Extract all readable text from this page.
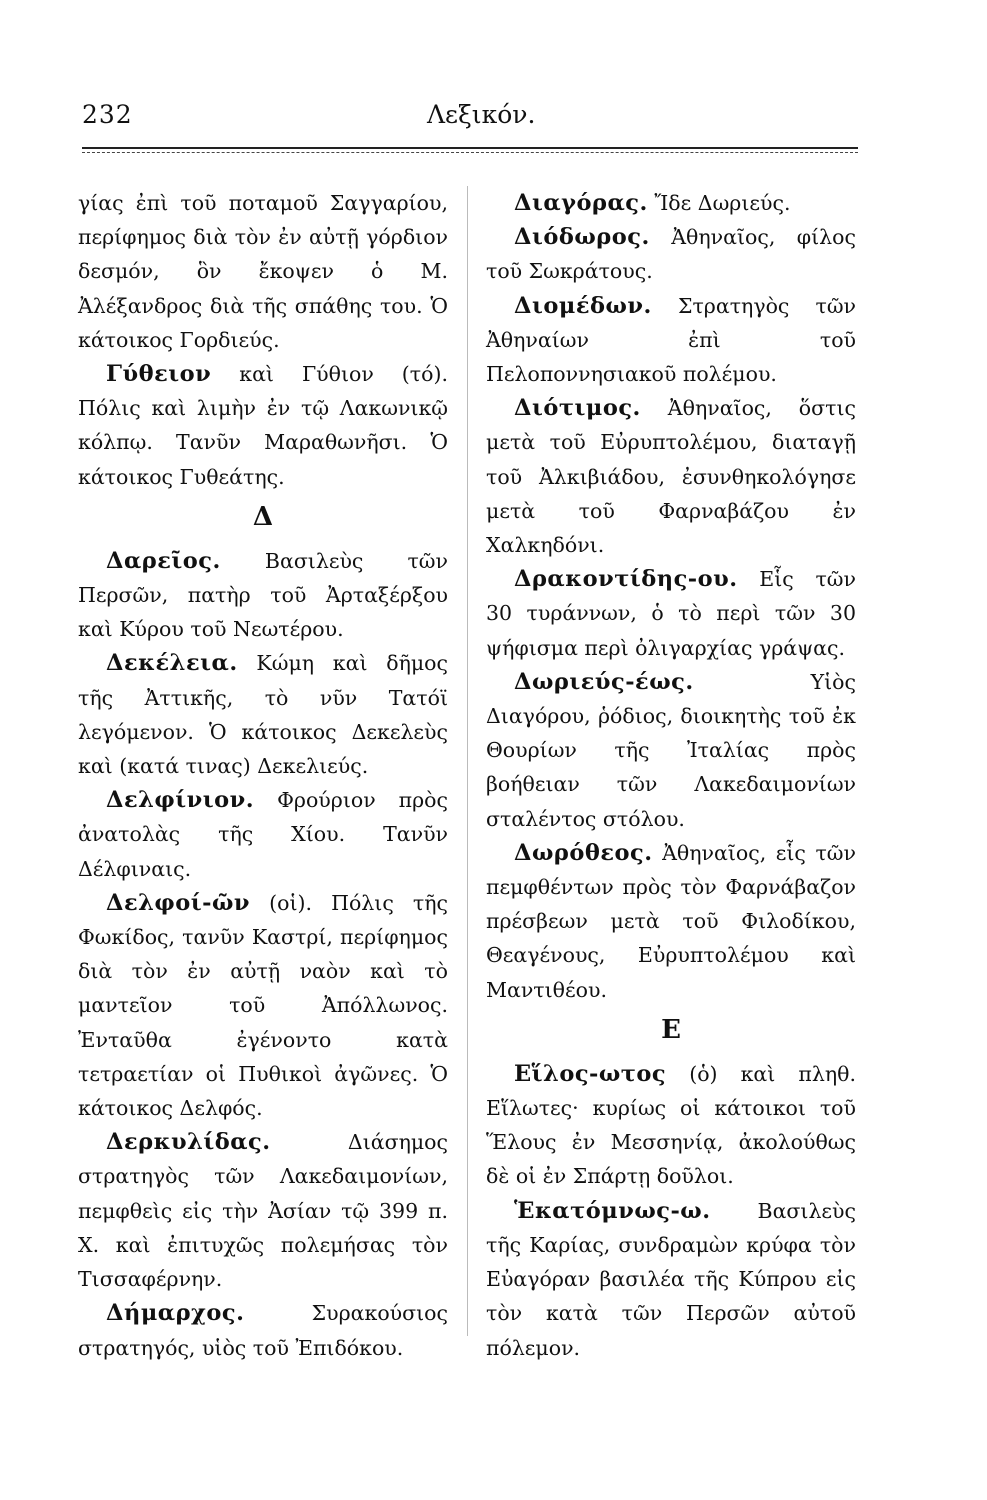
232	Λεξικόν.

γίας ἐπὶ τοῦ ποταμοῦ Σαγγαρίου, περίφημος διὰ τὸν ἐν αὐτῇ γόρδιον δεσμόν, ὃν ἔκοψεν ὁ Μ. Ἀλέξανδρος διὰ τῆς σπάθης του. Ὁ κάτοικος Γορδιεύς.

Γύθειον καὶ Γύθιον (τό). Πόλις καὶ λιμὴν ἐν τῷ Λακωνικῷ κόλπῳ. Τανῦν Μαραθωνῆσι. Ὁ κάτοικος Γυθεάτης.

Δ

Δαρεῖος. Βασιλεὺς τῶν Περσῶν, πατὴρ τοῦ Ἀρταξέρξου καὶ Κύρου τοῦ Νεωτέρου.

Δεκέλεια. Κώμη καὶ δῆμος τῆς Ἀττικῆς, τὸ νῦν Τατόϊ λεγόμενον. Ὁ κάτοικος Δεκελεὺς καὶ (κατά τινας) Δεκελιεύς.

Δελφίνιον. Φρούριον πρὸς ἀνατολὰς τῆς Χίου. Τανῦν Δέλφιναις.

Δελφοί-ῶν (οἱ). Πόλις τῆς Φωκίδος, τανῦν Καστρί, περίφημος διὰ τὸν ἐν αὐτῇ ναὸν καὶ τὸ μαντεῖον τοῦ Ἀπόλλωνος. Ἐνταῦθα ἐγένοντο κατὰ τετραετίαν οἱ Πυθικοὶ ἀγῶνες. Ὁ κάτοικος Δελφός.

Δερκυλίδας.	Διάσημος στρατηγὸς τῶν Λακεδαιμονίων, πεμφθεὶς εἰς τὴν Ἀσίαν τῷ 399 π. Χ. καὶ ἐπιτυχῶς πολεμήσας τὸν Τισσαφέρνην.

Δήμαρχος.	Συρακούσιος στρατηγός, υἱὸς τοῦ Ἐπιδόκου.

Διαγόρας. Ἴδε Δωριεύς.

Διόδωρος. Ἀθηναῖος, φίλος τοῦ Σωκράτους.

Διομέδων. Στρατηγὸς τῶν Ἀθηναίων ἐπὶ τοῦ Πελοποννησιακοῦ πολέμου.

Διότιμος. Ἀθηναῖος, ὅστις μετὰ τοῦ Εὐρυπτολέμου, διαταγῇ τοῦ Ἀλκιβιάδου, ἐσυνθηκολόγησε μετὰ τοῦ Φαρναβάζου ἐν Χαλκηδόνι.

Δρακοντίδης-ου. Εἷς τῶν 30 τυράννων, ὁ τὸ περὶ τῶν 30 ψήφισμα περὶ ὀλιγαρχίας γράψας.

Δωριεύς-έως.	Υἱὸς Διαγόρου, ῥόδιος, διοικητὴς τοῦ ἐκ Θουρίων τῆς Ἰταλίας πρὸς βοήθειαν τῶν Λακεδαιμονίων σταλέντος στόλου.

Δωρόθεος. Ἀθηναῖος, εἷς τῶν πεμφθέντων πρὸς τὸν Φαρνάβαζον πρέσβεων μετὰ τοῦ Φιλοδίκου, Θεαγένους, Εὐρυπτολέμου καὶ Μαντιθέου.

Ε

Εἵλος-ωτος (ὁ) καὶ πληθ. Εἵλωτες· κυρίως οἱ κάτοικοι τοῦ Ἕλους ἐν Μεσσηνίᾳ, ἀκολούθως δὲ οἱ ἐν Σπάρτῃ δοῦλοι.

Ἑκατόμνως-ω. Βασιλεὺς τῆς Καρίας, συνδραμὼν κρύφα τὸν Εὐαγόραν βασιλέα τῆς Κύπρου εἰς τὸν κατὰ τῶν Περσῶν αὐτοῦ πόλεμον.
